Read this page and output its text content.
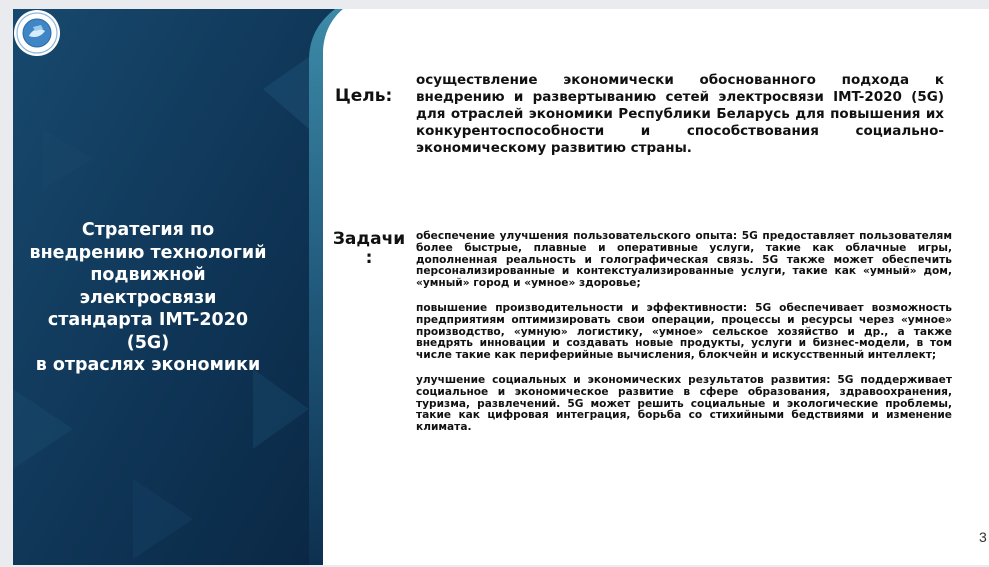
Стратегия по
внедрению технологий
подвижной
электросвязи
стандарта IMT-2020 (5G)
в отраслях экономики
Цель:

осуществление экономически обоснованного подхода к внедрению и развертыванию сетей электросвязи IMT-2020 (5G) для отраслей экономики Республики Беларусь для повышения их конкурентоспособности и способствования социально-экономическому развитию страны.

Задачи
:
обеспечение улучшения пользовательского опыта: 5G предоставляет пользователям более быстрые, плавные и оперативные услуги, такие как облачные игры, дополненная реальность и голографическая связь. 5G также может обеспечить персонализированные и контекстуализированные услуги, такие как «умный» дом, «умный» город и «умное» здоровье;
повышение производительности и эффективности: 5G обеспечивает возможность предприятиям оптимизировать свои операции, процессы и ресурсы через «умное» производство, «умную» логистику, «умное» сельское хозяйство и др., а также внедрять инновации и создавать новые продукты, услуги и бизнес-модели, в том числе такие как периферийные вычисления, блокчейн и искусственный интеллект;
улучшение социальных и экономических результатов развития: 5G поддерживает социальное и экономическое развитие в сфере образования, здравоохранения, туризма, развлечений. 5G может решить социальные и экологические проблемы, такие как цифровая интеграция, борьба со стихийными бедствиями и изменение климата.
3
